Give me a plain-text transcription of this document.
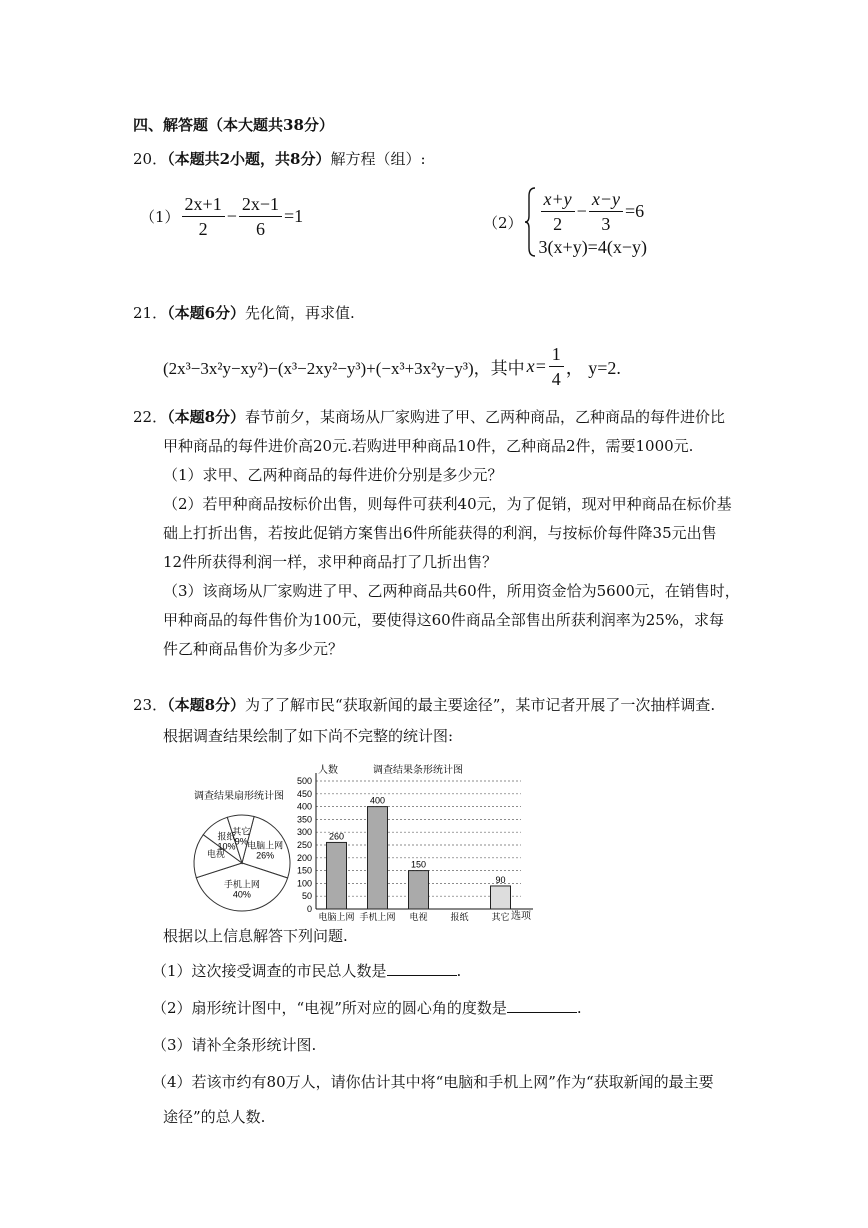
四、解答题（本大题共38分）
20．（本题共2小题，共8分）解方程（组）:
$(1) \frac{2x+1}{2} - \frac{2x-1}{6} =1$	$(2) \frac{x+y}{2} - \frac{x-y}{3} =6$
3(x+y)=4(x−y)
21．（本题6分）先化简，再求值.
(2x³−3x²y−xy²)−(x³−2xy²−y³)+(−x³+3x²y−y³)，其中 $x= \frac{1}{4}$ ， y=2.
22．（本题8分）春节前夕，某商场从厂家购进了甲、乙两种商品，乙种商品的每件进价比
甲种商品的每件进价高20元.若购进甲种商品10件，乙种商品2件，需要1000元.
（1）求甲、乙两种商品的每件进价分别是多少元？
（2）若甲种商品按标价出售，则每件可获利40元，为了促销，现对甲种商品在标价基
础上打折出售，若按此促销方案售出6件所能获得的利润，与按标价每件降35元出售
12件所获得利润一样，求甲种商品打了几折出售？
（3）该商场从厂家购进了甲、乙两种商品共60件，所用资金恰为5600元，在销售时，
甲种商品的每件售价为100元，要使得这60件商品全部售出所获利润率为25%，求每
件乙种商品售价为多少元？
23．（本题8分）为了了解市民“获取新闻的最主要途径”，某市记者开展了一次抽样调查.
根据调查结果绘制了如下尚不完整的统计图:
调查结果扇形统计图
电脑上网
26%
手机上网
40%
电视
报纸
10%
其它
9%
人数	调查结果条形统计图
0
50
100
150
200
250
300
350
400
450
500
260
400
150
90
电脑上网 手机上网 电视	报纸	其它 选项
根据以上信息解答下列问题.
（1）这次接受调查的市民总人数是	.
（2）扇形统计图中，“电视”所对应的圆心角的度数是	.
（3）请补全条形统计图.
（4）若该市约有80万人，请你估计其中将“电脑和手机上网”作为“获取新闻的最主要
途径”的总人数.
